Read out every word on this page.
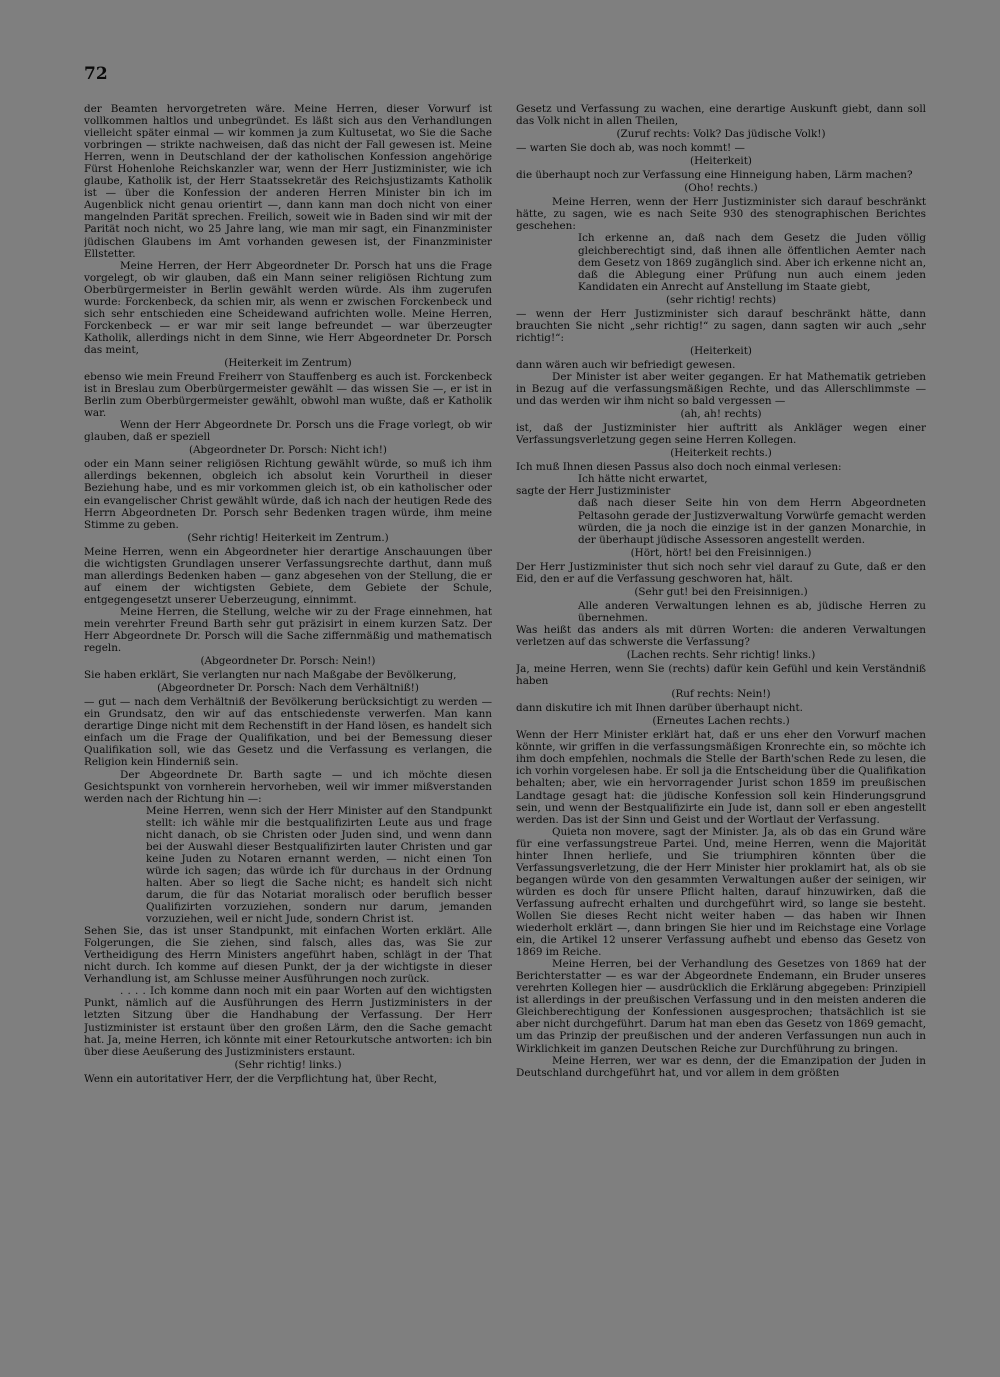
72
der Beamten hervorgetreten wäre. Meine Herren, dieser Vorwurf ist vollkommen haltlos und unbegründet. Es läßt sich aus den Verhandlungen vielleicht später einmal — wir kommen ja zum Kultusetat, wo Sie die Sache vorbringen — strikte nachweisen, daß das nicht der Fall gewesen ist. Meine Herren, wenn in Deutschland der der katholischen Konfession angehörige Fürst Hohenlohe Reichskanzler war, wenn der Herr Justizminister, wie ich glaube, Katholik ist, der Herr Staatssekretär des Reichsjustizamts Katholik ist — über die Konfession der anderen Herren Minister bin ich im Augenblick nicht genau orientirt —, dann kann man doch nicht von einer mangelnden Parität sprechen. Freilich, soweit wie in Baden sind wir mit der Parität noch nicht, wo 25 Jahre lang, wie man mir sagt, ein Finanzminister jüdischen Glaubens im Amt vorhanden gewesen ist, der Finanzminister Ellstetter.
Meine Herren, der Herr Abgeordneter Dr. Porsch hat uns die Frage vorgelegt, ob wir glauben, daß ein Mann seiner religiösen Richtung zum Oberbürgermeister in Berlin gewählt werden würde. Als ihm zugerufen wurde: Forckenbeck, da schien mir, als wenn er zwischen Forckenbeck und sich sehr entschieden eine Scheidewand aufrichten wolle. Meine Herren, Forckenbeck — er war mir seit lange befreundet — war überzeugter Katholik, allerdings nicht in dem Sinne, wie Herr Abgeordneter Dr. Porsch das meint,
(Heiterkeit im Zentrum)
ebenso wie mein Freund Freiherr von Stauffenberg es auch ist. Forckenbeck ist in Breslau zum Oberbürgermeister gewählt — das wissen Sie —, er ist in Berlin zum Oberbürgermeister gewählt, obwohl man wußte, daß er Katholik war.
Wenn der Herr Abgeordnete Dr. Porsch uns die Frage vorlegt, ob wir glauben, daß er speziell
(Abgeordneter Dr. Porsch: Nicht ich!)
oder ein Mann seiner religiösen Richtung gewählt würde, so muß ich ihm allerdings bekennen, obgleich ich absolut kein Vorurtheil in dieser Beziehung habe, und es mir vorkommen gleich ist, ob ein katholischer oder ein evangelischer Christ gewählt würde, daß ich nach der heutigen Rede des Herrn Abgeordneten Dr. Porsch sehr Bedenken tragen würde, ihm meine Stimme zu geben.
(Sehr richtig! Heiterkeit im Zentrum.)
Meine Herren, wenn ein Abgeordneter hier derartige Anschauungen über die wichtigsten Grundlagen unserer Verfassungsrechte darthut, dann muß man allerdings Bedenken haben — ganz abgesehen von der Stellung, die er auf einem der wichtigsten Gebiete, dem Gebiete der Schule, entgegengesetzt unserer Ueberzeugung, einnimmt.
Meine Herren, die Stellung, welche wir zu der Frage einnehmen, hat mein verehrter Freund Barth sehr gut präzisirt in einem kurzen Satz. Der Herr Abgeordnete Dr. Porsch will die Sache ziffernmäßig und mathematisch regeln.
(Abgeordneter Dr. Porsch: Nein!)
Sie haben erklärt, Sie verlangten nur nach Maßgabe der Bevölkerung,
(Abgeordneter Dr. Porsch: Nach dem Verhältniß!)
— gut — nach dem Verhältniß der Bevölkerung berücksichtigt zu werden — ein Grundsatz, den wir auf das entschiedenste verwerfen. Man kann derartige Dinge nicht mit dem Rechenstift in der Hand lösen, es handelt sich einfach um die Frage der Qualifikation, und bei der Bemessung dieser Qualifikation soll, wie das Gesetz und die Verfassung es verlangen, die Religion kein Hinderniß sein.
Der Abgeordnete Dr. Barth sagte — und ich möchte diesen Gesichtspunkt von vornherein hervorheben, weil wir immer mißverstanden werden nach der Richtung hin —:
Meine Herren, wenn sich der Herr Minister auf den Standpunkt stellt: ich wähle mir die bestqualifizirten Leute aus und frage nicht danach, ob sie Christen oder Juden sind, und wenn dann bei der Auswahl dieser Bestqualifizirten lauter Christen und gar keine Juden zu Notaren ernannt werden, — nicht einen Ton würde ich sagen; das würde ich für durchaus in der Ordnung halten. Aber so liegt die Sache nicht; es handelt sich nicht darum, die für das Notariat moralisch oder beruflich besser Qualifizirten vorzuziehen, sondern nur darum, jemanden vorzuziehen, weil er nicht Jude, sondern Christ ist.
Sehen Sie, das ist unser Standpunkt, mit einfachen Worten erklärt. Alle Folgerungen, die Sie ziehen, sind falsch, alles das, was Sie zur Vertheidigung des Herrn Ministers angeführt haben, schlägt in der That nicht durch. Ich komme auf diesen Punkt, der ja der wichtigste in dieser Verhandlung ist, am Schlusse meiner Ausführungen noch zurück.
. . . . Ich komme dann noch mit ein paar Worten auf den wichtigsten Punkt, nämlich auf die Ausführungen des Herrn Justizministers in der letzten Sitzung über die Handhabung der Verfassung. Der Herr Justizminister ist erstaunt über den großen Lärm, den die Sache gemacht hat. Ja, meine Herren, ich könnte mit einer Retourkutsche antworten: ich bin über diese Aeußerung des Justizministers erstaunt.
(Sehr richtig! links.)
Wenn ein autoritativer Herr, der die Verpflichtung hat, über Recht,
Gesetz und Verfassung zu wachen, eine derartige Auskunft giebt, dann soll das Volk nicht in allen Theilen,
(Zuruf rechts: Volk? Das jüdische Volk!)
— warten Sie doch ab, was noch kommt! —
(Heiterkeit)
die überhaupt noch zur Verfassung eine Hinneigung haben, Lärm machen?
(Oho! rechts.)
Meine Herren, wenn der Herr Justizminister sich darauf beschränkt hätte, zu sagen, wie es nach Seite 930 des stenographischen Berichtes geschehen:
Ich erkenne an, daß nach dem Gesetz die Juden völlig gleichberechtigt sind, daß ihnen alle öffentlichen Aemter nach dem Gesetz von 1869 zugänglich sind. Aber ich erkenne nicht an, daß die Ablegung einer Prüfung nun auch einem jeden Kandidaten ein Anrecht auf Anstellung im Staate giebt,
(sehr richtig! rechts)
— wenn der Herr Justizminister sich darauf beschränkt hätte, dann brauchten Sie nicht „sehr richtig!“ zu sagen, dann sagten wir auch „sehr richtig!“:
(Heiterkeit)
dann wären auch wir befriedigt gewesen.
Der Minister ist aber weiter gegangen. Er hat Mathematik getrieben in Bezug auf die verfassungsmäßigen Rechte, und das Allerschlimmste — und das werden wir ihm nicht so bald vergessen —
(ah, ah! rechts)
ist, daß der Justizminister hier auftritt als Ankläger wegen einer Verfassungsverletzung gegen seine Herren Kollegen.
(Heiterkeit rechts.)
Ich muß Ihnen diesen Passus also doch noch einmal verlesen:
Ich hätte nicht erwartet,
sagte der Herr Justizminister
daß nach dieser Seite hin von dem Herrn Abgeordneten Peltasohn gerade der Justizverwaltung Vorwürfe gemacht werden würden, die ja noch die einzige ist in der ganzen Monarchie, in der überhaupt jüdische Assessoren angestellt werden.
(Hört, hört! bei den Freisinnigen.)
Der Herr Justizminister thut sich noch sehr viel darauf zu Gute, daß er den Eid, den er auf die Verfassung geschworen hat, hält.
(Sehr gut! bei den Freisinnigen.)
Alle anderen Verwaltungen lehnen es ab, jüdische Herren zu übernehmen.
Was heißt das anders als mit dürren Worten: die anderen Verwaltungen verletzen auf das schwerste die Verfassung?
(Lachen rechts. Sehr richtig! links.)
Ja, meine Herren, wenn Sie (rechts) dafür kein Gefühl und kein Verständniß haben
(Ruf rechts: Nein!)
dann diskutire ich mit Ihnen darüber überhaupt nicht.
(Erneutes Lachen rechts.)
Wenn der Herr Minister erklärt hat, daß er uns eher den Vorwurf machen könnte, wir griffen in die verfassungsmäßigen Kronrechte ein, so möchte ich ihm doch empfehlen, nochmals die Stelle der Barth'schen Rede zu lesen, die ich vorhin vorgelesen habe. Er soll ja die Entscheidung über die Qualifikation behalten; aber, wie ein hervorragender Jurist schon 1859 im preußischen Landtage gesagt hat: die jüdische Konfession soll kein Hinderungsgrund sein, und wenn der Bestqualifizirte ein Jude ist, dann soll er eben angestellt werden. Das ist der Sinn und Geist und der Wortlaut der Verfassung.
Quieta non movere, sagt der Minister. Ja, als ob das ein Grund wäre für eine verfassungstreue Partei. Und, meine Herren, wenn die Majorität hinter Ihnen herliefe, und Sie triumphiren könnten über die Verfassungsverletzung, die der Herr Minister hier proklamirt hat, als ob sie begangen würde von den gesammten Verwaltungen außer der seinigen, wir würden es doch für unsere Pflicht halten, darauf hinzuwirken, daß die Verfassung aufrecht erhalten und durchgeführt wird, so lange sie besteht. Wollen Sie dieses Recht nicht weiter haben — das haben wir Ihnen wiederholt erklärt —, dann bringen Sie hier und im Reichstage eine Vorlage ein, die Artikel 12 unserer Verfassung aufhebt und ebenso das Gesetz von 1869 im Reiche.
Meine Herren, bei der Verhandlung des Gesetzes von 1869 hat der Berichterstatter — es war der Abgeordnete Endemann, ein Bruder unseres verehrten Kollegen hier — ausdrücklich die Erklärung abgegeben: Prinzipiell ist allerdings in der preußischen Verfassung und in den meisten anderen die Gleichberechtigung der Konfessionen ausgesprochen; thatsächlich ist sie aber nicht durchgeführt. Darum hat man eben das Gesetz von 1869 gemacht, um das Prinzip der preußischen und der anderen Verfassungen nun auch in Wirklichkeit im ganzen Deutschen Reiche zur Durchführung zu bringen.
Meine Herren, wer war es denn, der die Emanzipation der Juden in Deutschland durchgeführt hat, und vor allem in dem größten
